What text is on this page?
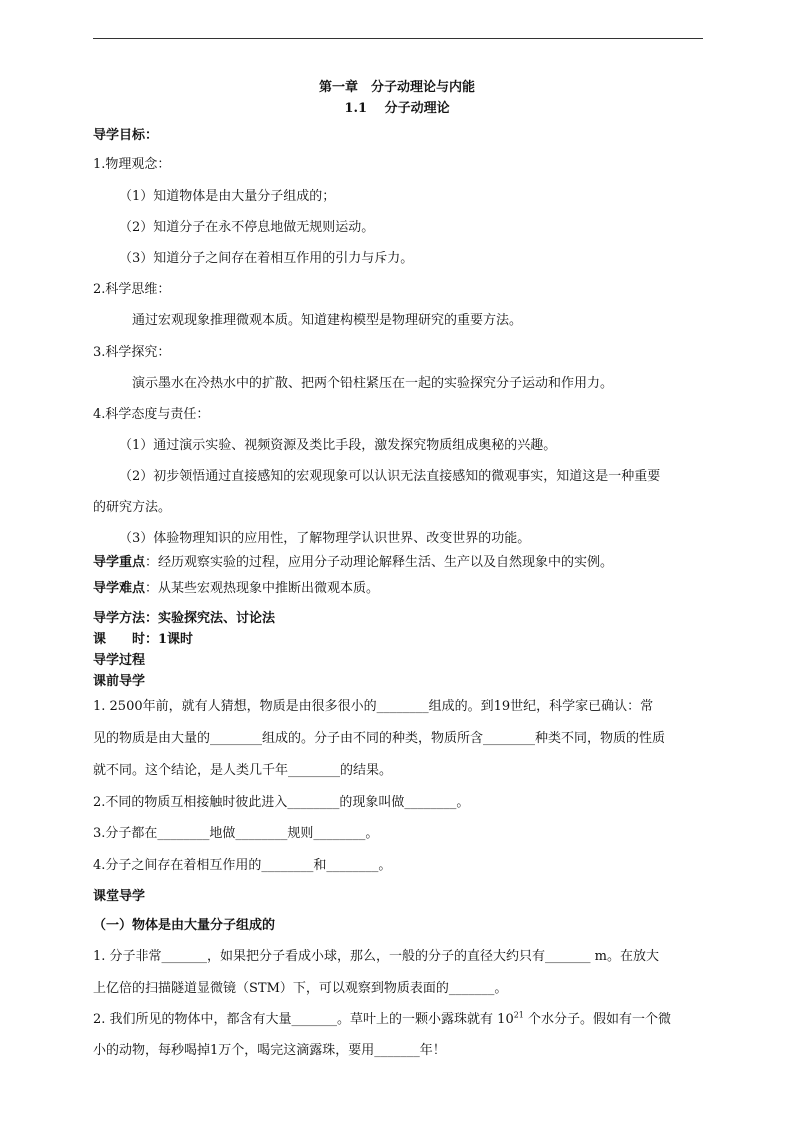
第一章　分子动理论与内能
1.1　 分子动理论
导学目标：
1.物理观念：
（1）知道物体是由大量分子组成的；
（2）知道分子在永不停息地做无规则运动。
（3）知道分子之间存在着相互作用的引力与斥力。
2.科学思维：
通过宏观现象推理微观本质。知道建构模型是物理研究的重要方法。
3.科学探究：
演示墨水在冷热水中的扩散、把两个铅柱紧压在一起的实验探究分子运动和作用力。
4.科学态度与责任：
（1）通过演示实验、视频资源及类比手段，激发探究物质组成奥秘的兴趣。
（2）初步领悟通过直接感知的宏观现象可以认识无法直接感知的微观事实，知道这是一种重要
的研究方法。
（3）体验物理知识的应用性，了解物理学认识世界、改变世界的功能。
导学重点：经历观察实验的过程，应用分子动理论解释生活、生产以及自然现象中的实例。
导学难点：从某些宏观热现象中推断出微观本质。
导学方法：实验探究法、讨论法
课　　时：1课时
导学过程
课前导学
1. 2500年前，就有人猜想，物质是由很多很小的________组成的。到19世纪，科学家已确认：常
见的物质是由大量的________组成的。分子由不同的种类，物质所含________种类不同，物质的性质
就不同。这个结论，是人类几千年________的结果。
2.不同的物质互相接触时彼此进入________的现象叫做________。
3.分子都在________地做________规则________。
4.分子之间存在着相互作用的________和________。
课堂导学
（一）物体是由大量分子组成的
1. 分子非常_______，如果把分子看成小球，那么，一般的分子的直径大约只有_______ m。在放大
上亿倍的扫描隧道显微镜（STM）下，可以观察到物质表面的_______。
2. 我们所见的物体中，都含有大量_______。草叶上的一颗小露珠就有 $10^{21}$ 个水分子。假如有一个微
小的动物，每秒喝掉1万个，喝完这滴露珠，要用_______年！
